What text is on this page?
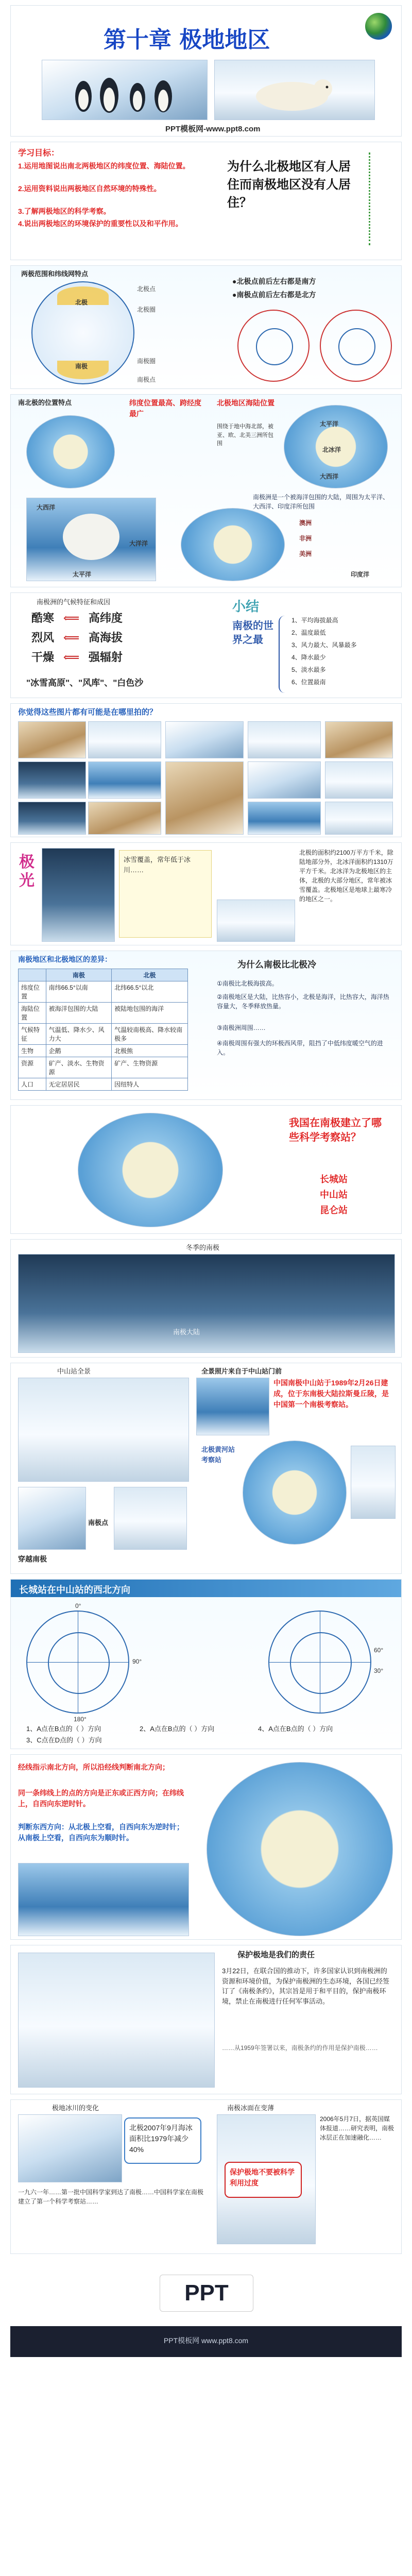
第十章 极地地区
PPT模板网-www.ppt8.com
学习目标：
1.运用地图说出南北两极地区的纬度位置、海陆位置。
2.运用资料说出两极地区自然环境的特殊性。
3.了解两极地区的科学考察。
4.说出两极地区的环境保护的重要性以及和平作用。
为什么北极地区有人居住而南极地区没有人居住？
两极范围和纬线网特点
北极
南极
北极点
南极点
北极圈
南极圈
●北极点前后左右都是南方
●南极点前后左右都是北方
南北极的位置特点	纬度位置最高、跨经度最广
北极地区海陆位置
围绕于地中海北部，被亚、欧、北美三洲所包围
太平洋
大西洋
北冰洋
南极洲是一个被海洋包围的大陆，周围为太平洋、大西洋、印度洋所包围
大西洋
大洋洋
太平洋
澳洲
非洲
美洲
印度洋
南极洲的气候特征和成因
酷寒 ⟸ 高纬度
烈风 ⟸ 高海拔
干燥 ⟸ 强辐射
"冰雪高原"、"风库"、"白色沙
小结
南极的世界之最
1、平均海拔最高
2、温度最低
3、风力最大、风暴最多
4、降水最少
5、淡水最多
6、位置最南
你觉得这些图片都有可能是在哪里拍的？
极光
冰雪覆盖，常年低于冰川……
北极的面积约2100万平方千米，除陆地部分外，北冰洋面积约1310万平方千米。北冰洋为北极地区的主体，北极的大部分地区，常年被冰雪覆盖。北极地区是地球上最寒冷的地区之一。
南极地区和北极地区的差异：
	南极	北极
纬度位置	南纬66.5°以南	北纬66.5°以北
海陆位置	被海洋包围的大陆	被陆地包围的海洋
气候特征	气温低、降水少、风力大	气温较南极高、降水较南极多
生物	企鹅	北极熊
资源	矿产、淡水、生物资源	矿产、生物资源
人口	无定居居民	因纽特人
为什么南极比北极冷
①南极比北极海拔高。
②南极地区是大陆，比热容小，北极是海洋，比热容大，海洋热容量大，冬季释放热量。
③南极洲周围……
④南极周围有强大的环极西风带，阻挡了中低纬度暖空气的进入。
我国在南极建立了哪些科学考察站？
长城站
中山站
昆仑站
冬季的南极
南极大陆
中山站全景	全景照片来自于中山站门前
中国南极中山站于1989年2月26日建成，位于东南极大陆拉斯曼丘陵，是中国第一个南极考察站。
北极黄河站考察站
南极点
穿越南极
长城站在中山站的西北方向
0°
90°
180°
60°
30°
1、A点在B点的（ ）方向	2、A点在B点的（ ）方向
3、C点在D点的（ ）方向
4、A点在B点的（ ）方向
经线指示南北方向，所以沿经线判断南北方向；
同一条纬线上的点的方向是正东或正西方向；在纬线上，自西向东逆时针。
判断东西方向：从北极上空看，自西向东为逆时针；从南极上空看，自西向东为顺时针。
保护极地是我们的责任
3月22日，在联合国的推动下，许多国家认识到南极洲的资源和环境价值，为保护南极洲的生态环境，各国已经签订了《南极条约》，其宗旨是用于和平目的，保护南极环境，禁止在南极进行任何军事活动。
……从1959年签署以来，南极条约的作用是保护南极……
极地冰川的变化
北极2007年9月海冰面积比1979年减少40%
一九六一年……第一批中国科学家到达了南极……中国科学家在南极建立了第一个科学考察站……
南极冰面在变薄
保护极地不要被科学利用过度
2006年5月7日，据英国媒体报道……研究表明，南极冰层正在加速融化……
PPT
PPT模板网 www.ppt8.com
